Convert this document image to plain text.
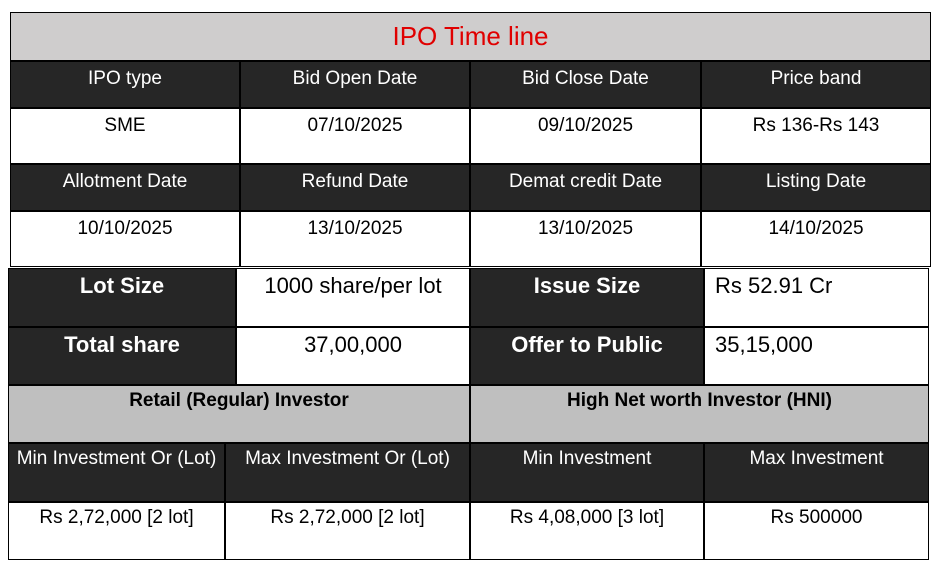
IPO Time line
IPO type	Bid Open Date	Bid Close Date	Price band
SME	07/10/2025	09/10/2025	Rs 136-Rs 143
Allotment Date	Refund Date	Demat credit Date	Listing Date
10/10/2025	13/10/2025	13/10/2025	14/10/2025
Lot Size	1000 share/per lot	Issue Size	Rs 52.91 Cr
Total share	37,00,000	Offer to Public	35,15,000
Retail (Regular) Investor	High Net worth Investor (HNI)
Min Investment Or (Lot)	Max Investment Or (Lot)	Min Investment	Max Investment
Rs 2,72,000 [2 lot]	Rs 2,72,000 [2 lot]	Rs 4,08,000 [3 lot]	Rs 500000
